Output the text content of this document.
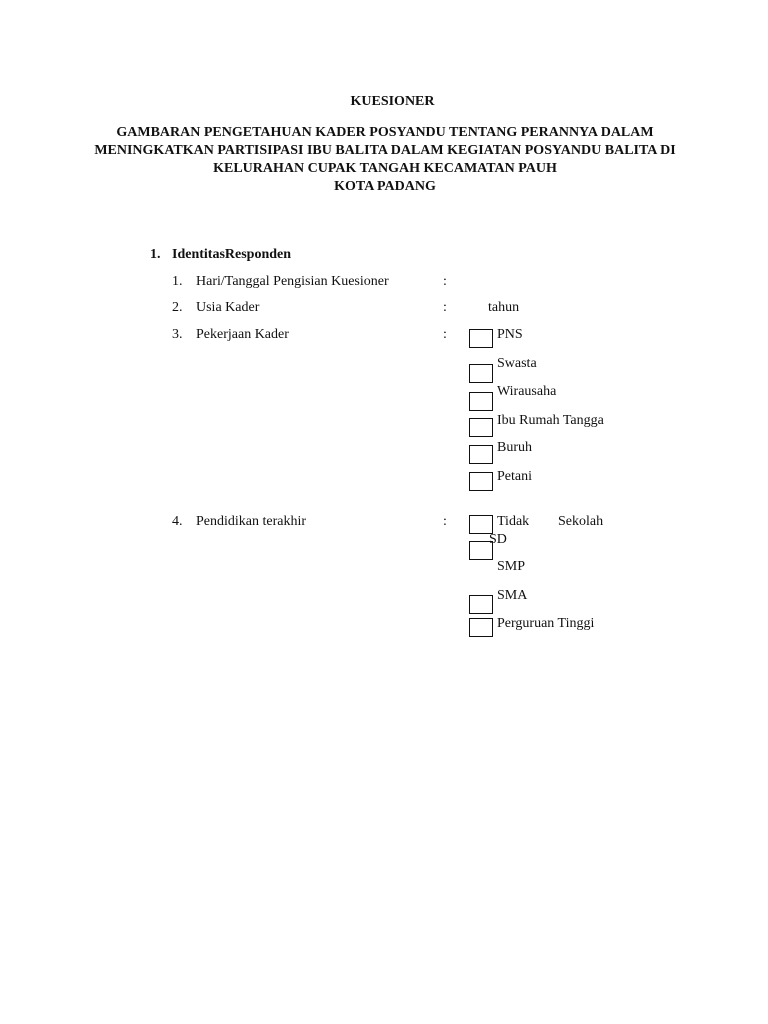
KUESIONER
GAMBARAN PENGETAHUAN KADER POSYANDU TENTANG PERANNYA DALAM
MENINGKATKAN PARTISIPASI IBU BALITA DALAM KEGIATAN POSYANDU BALITA DI
KELURAHAN CUPAK TANGAH KECAMATAN PAUH
KOTA PADANG
1. IdentitasResponden
1. Hari/Tanggal Pengisian Kuesioner	:
2. Usia Kader	:	tahun
3. Pekerjaan Kader	:	PNS
Swasta
Wirausaha
Ibu Rumah Tangga
Buruh
Petani
4. Pendidikan terakhir	:	Tidak Sekolah
SD
SMP
SMA
Perguruan Tinggi
